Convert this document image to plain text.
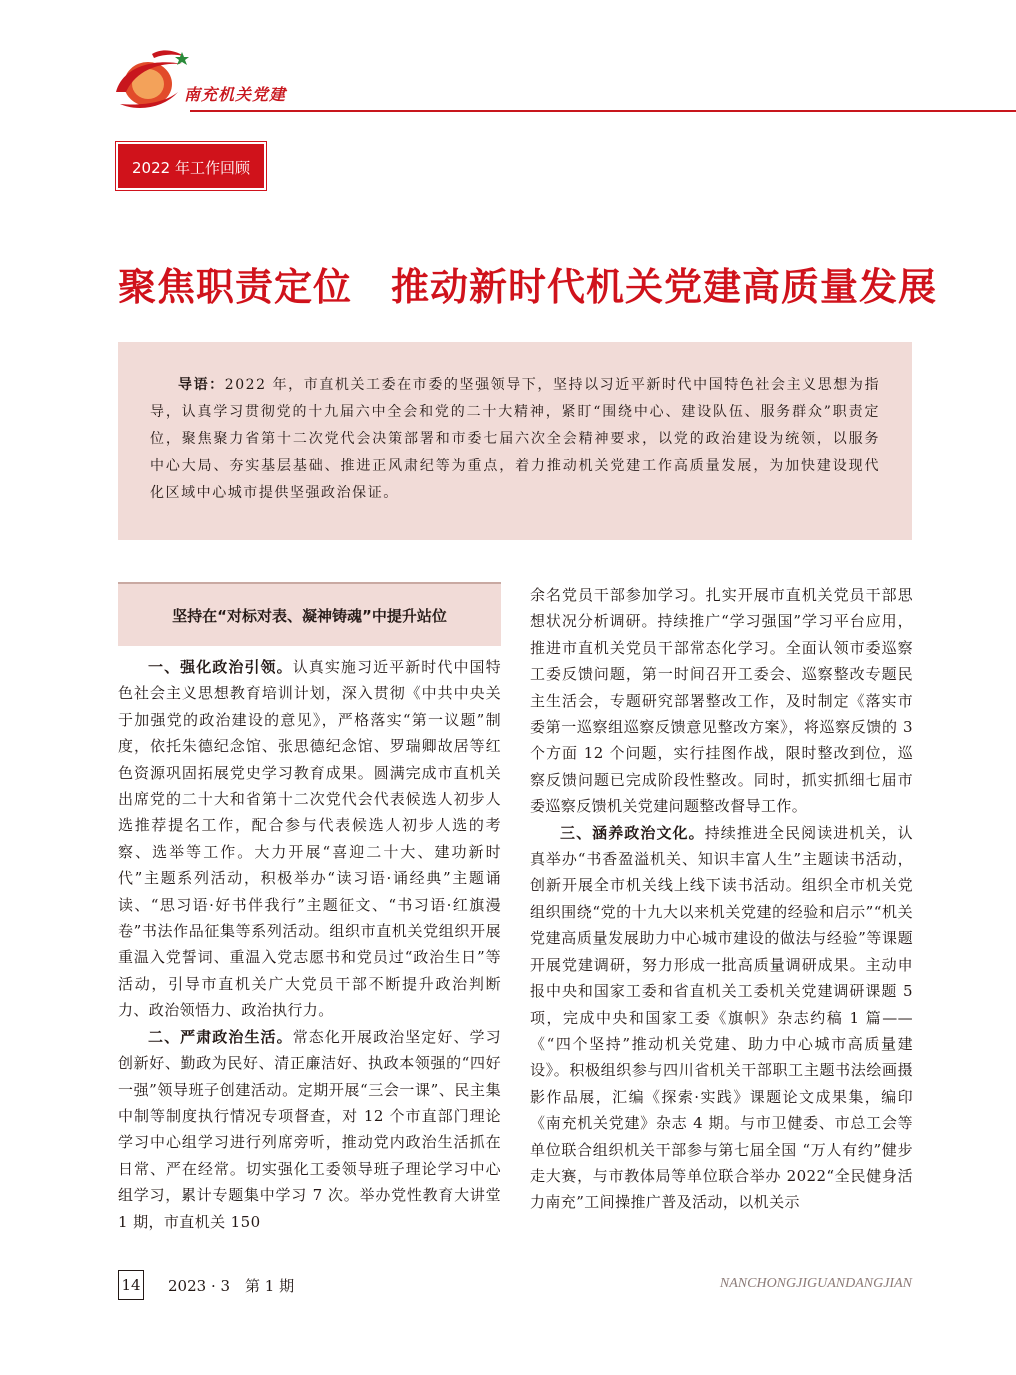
南充机关党建
2022 年工作回顾
聚焦职责定位　推动新时代机关党建高质量发展
导语：2022 年，市直机关工委在市委的坚强领导下，坚持以习近平新时代中国特色社会主义思想为指导，认真学习贯彻党的十九届六中全会和党的二十大精神，紧盯“围绕中心、建设队伍、服务群众”职责定位，聚焦聚力省第十二次党代会决策部署和市委七届六次全会精神要求，以党的政治建设为统领，以服务中心大局、夯实基层基础、推进正风肃纪等为重点，着力推动机关党建工作高质量发展，为加快建设现代化区域中心城市提供坚强政治保证。
坚持在“对标对表、凝神铸魂”中提升站位

一、强化政治引领。认真实施习近平新时代中国特色社会主义思想教育培训计划，深入贯彻《中共中央关于加强党的政治建设的意见》，严格落实“第一议题”制度，依托朱德纪念馆、张思德纪念馆、罗瑞卿故居等红色资源巩固拓展党史学习教育成果。圆满完成市直机关出席党的二十大和省第十二次党代会代表候选人初步人选推荐提名工作，配合参与代表候选人初步人选的考察、选举等工作。大力开展“喜迎二十大、建功新时代”主题系列活动，积极举办“读习语·诵经典”主题诵读、“思习语·好书伴我行”主题征文、“书习语·红旗漫卷”书法作品征集等系列活动。组织市直机关党组织开展重温入党誓词、重温入党志愿书和党员过“政治生日”等活动，引导市直机关广大党员干部不断提升政治判断力、政治领悟力、政治执行力。

二、严肃政治生活。常态化开展政治坚定好、学习创新好、勤政为民好、清正廉洁好、执政本领强的“四好一强”领导班子创建活动。定期开展“三会一课”、民主集中制等制度执行情况专项督查，对 12 个市直部门理论学习中心组学习进行列席旁听，推动党内政治生活抓在日常、严在经常。切实强化工委领导班子理论学习中心组学习，累计专题集中学习 7 次。举办党性教育大讲堂 1 期，市直机关 150

余名党员干部参加学习。扎实开展市直机关党员干部思想状况分析调研。持续推广“学习强国”学习平台应用，推进市直机关党员干部常态化学习。全面认领市委巡察工委反馈问题，第一时间召开工委会、巡察整改专题民主生活会，专题研究部署整改工作，及时制定《落实市委第一巡察组巡察反馈意见整改方案》，将巡察反馈的 3 个方面 12 个问题，实行挂图作战，限时整改到位，巡察反馈问题已完成阶段性整改。同时，抓实抓细七届市委巡察反馈机关党建问题整改督导工作。

三、涵养政治文化。持续推进全民阅读进机关，认真举办“书香盈溢机关、知识丰富人生”主题读书活动，创新开展全市机关线上线下读书活动。组织全市机关党组织围绕“党的十九大以来机关党建的经验和启示”“机关党建高质量发展助力中心城市建设的做法与经验”等课题开展党建调研，努力形成一批高质量调研成果。主动申报中央和国家工委和省直机关工委机关党建调研课题 5 项，完成中央和国家工委《旗帜》杂志约稿 1 篇——《“四个坚持”推动机关党建、助力中心城市高质量建设》。积极组织参与四川省机关干部职工主题书法绘画摄影作品展，汇编《探索·实践》课题论文成果集，编印《南充机关党建》杂志 4 期。与市卫健委、市总工会等单位联合组织机关干部参与第七届全国 “万人有约”健步走大赛，与市教体局等单位联合举办 2022“全民健身活力南充”工间操推广普及活动，以机关示

14 2023 · 3　第 1 期	NANCHONGJIGUANDANGJIAN
